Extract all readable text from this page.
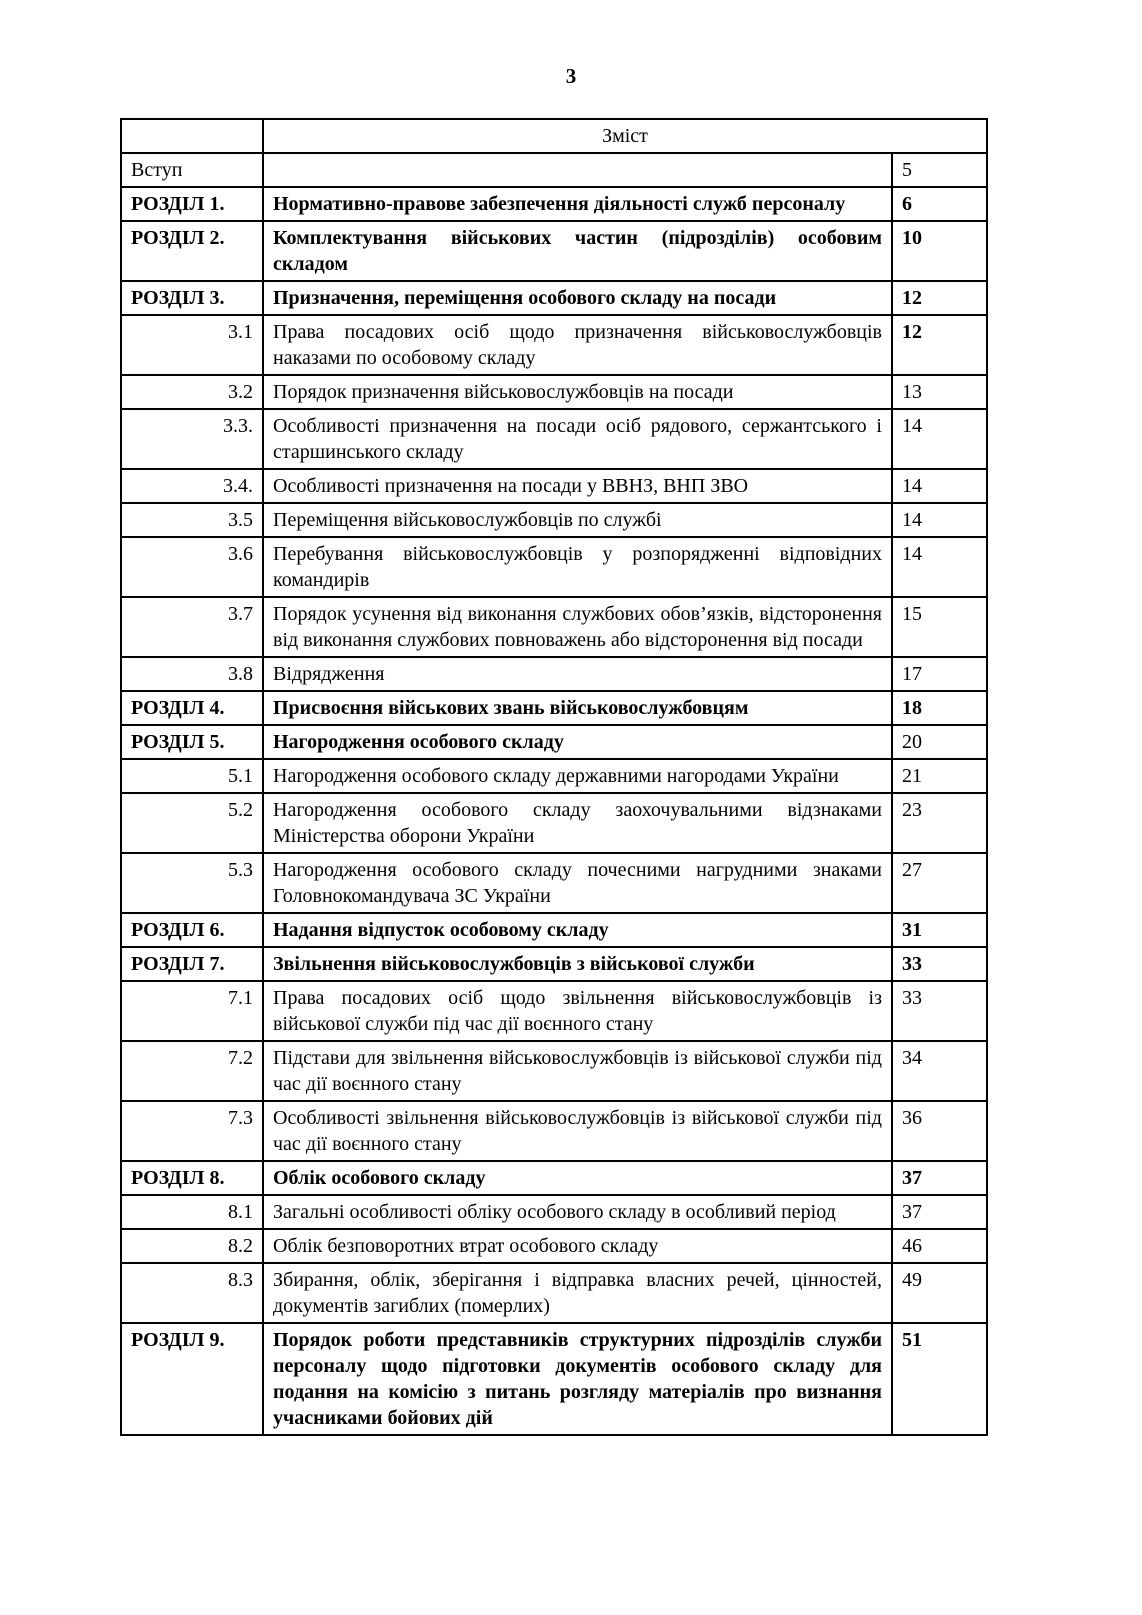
3
	Зміст	
Вступ		5
РОЗДІЛ 1.	Нормативно-правове забезпечення діяльності служб персоналу	6
РОЗДІЛ 2.	Комплектування військових частин (підрозділів) особовим складом	10
РОЗДІЛ 3.	Призначення, переміщення особового складу на посади	12
3.1	Права посадових осіб щодо призначення військовослужбовців наказами по особовому складу	12
3.2	Порядок призначення військовослужбовців на посади	13
3.3.	Особливості призначення на посади осіб рядового, сержантського і старшинського складу	14
3.4.	Особливості призначення на посади у ВВНЗ, ВНП ЗВО	14
3.5	Переміщення військовослужбовців по службі	14
3.6	Перебування військовослужбовців у розпорядженні відповідних командирів	14
3.7	Порядок усунення від виконання службових обов’язків, відсторонення від виконання службових повноважень або відсторонення від посади	15
3.8	Відрядження	17
РОЗДІЛ 4.	Присвоєння військових звань військовослужбовцям	18
РОЗДІЛ 5.	Нагородження особового складу	20
5.1	Нагородження особового складу державними нагородами України	21
5.2	Нагородження особового складу заохочувальними відзнаками Міністерства оборони України	23
5.3	Нагородження особового складу почесними нагрудними знаками Головнокомандувача ЗС України	27
РОЗДІЛ 6.	Надання відпусток особовому складу	31
РОЗДІЛ 7.	Звільнення військовослужбовців з військової служби	33
7.1	Права посадових осіб щодо звільнення військовослужбовців із військової служби під час дії воєнного стану	33
7.2	Підстави для звільнення військовослужбовців із військової служби під час дії воєнного стану	34
7.3	Особливості звільнення військовослужбовців із військової служби під час дії воєнного стану	36
РОЗДІЛ 8.	Облік особового складу	37
8.1	Загальні особливості обліку особового складу в особливий період	37
8.2	Облік безповоротних втрат особового складу	46
8.3	Збирання, облік, зберігання і відправка власних речей, цінностей, документів загиблих (померлих)	49
РОЗДІЛ 9.	Порядок роботи представників структурних підрозділів служби персоналу щодо підготовки документів особового складу для подання на комісію з питань розгляду матеріалів про визнання учасниками бойових дій	51
